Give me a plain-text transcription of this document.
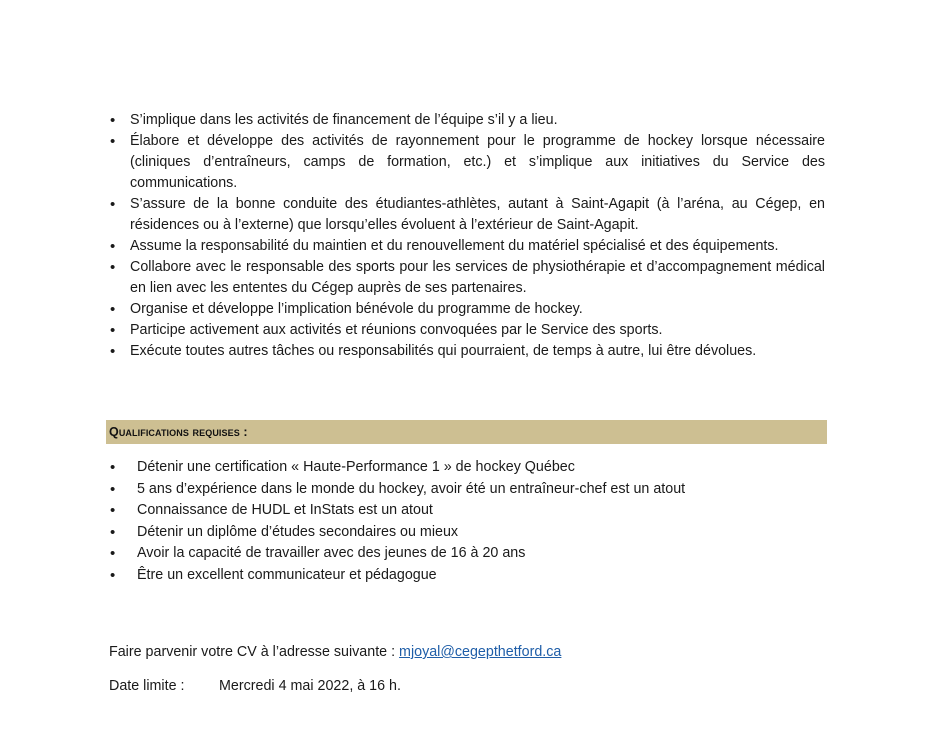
• S’implique dans les activités de financement de l’équipe s’il y a lieu.
• Élabore et développe des activités de rayonnement pour le programme de hockey lorsque nécessaire (cliniques d’entraîneurs, camps de formation, etc.) et s’implique aux initiatives du Service des communications.
• S’assure de la bonne conduite des étudiantes-athlètes, autant à Saint-Agapit (à l’aréna, au Cégep, en résidences ou à l’externe) que lorsqu’elles évoluent à l’extérieur de Saint-Agapit.
• Assume la responsabilité du maintien et du renouvellement du matériel spécialisé et des équipements.
• Collabore avec le responsable des sports pour les services de physiothérapie et d’accompagnement médical en lien avec les ententes du Cégep auprès de ses partenaires.
• Organise et développe l’implication bénévole du programme de hockey.
• Participe activement aux activités et réunions convoquées par le Service des sports.
• Exécute toutes autres tâches ou responsabilités qui pourraient, de temps à autre, lui être dévolues.
Qualifications requises :
• Détenir une certification « Haute-Performance 1 » de hockey Québec
• 5 ans d’expérience dans le monde du hockey, avoir été un entraîneur-chef est un atout
• Connaissance de HUDL et InStats est un atout
• Détenir un diplôme d’études secondaires ou mieux
• Avoir la capacité de travailler avec des jeunes de 16 à 20 ans
• Être un excellent communicateur et pédagogue
Faire parvenir votre CV à l’adresse suivante : mjoyal@cegepthetford.ca
Date limite : Mercredi 4 mai 2022, à 16 h.
